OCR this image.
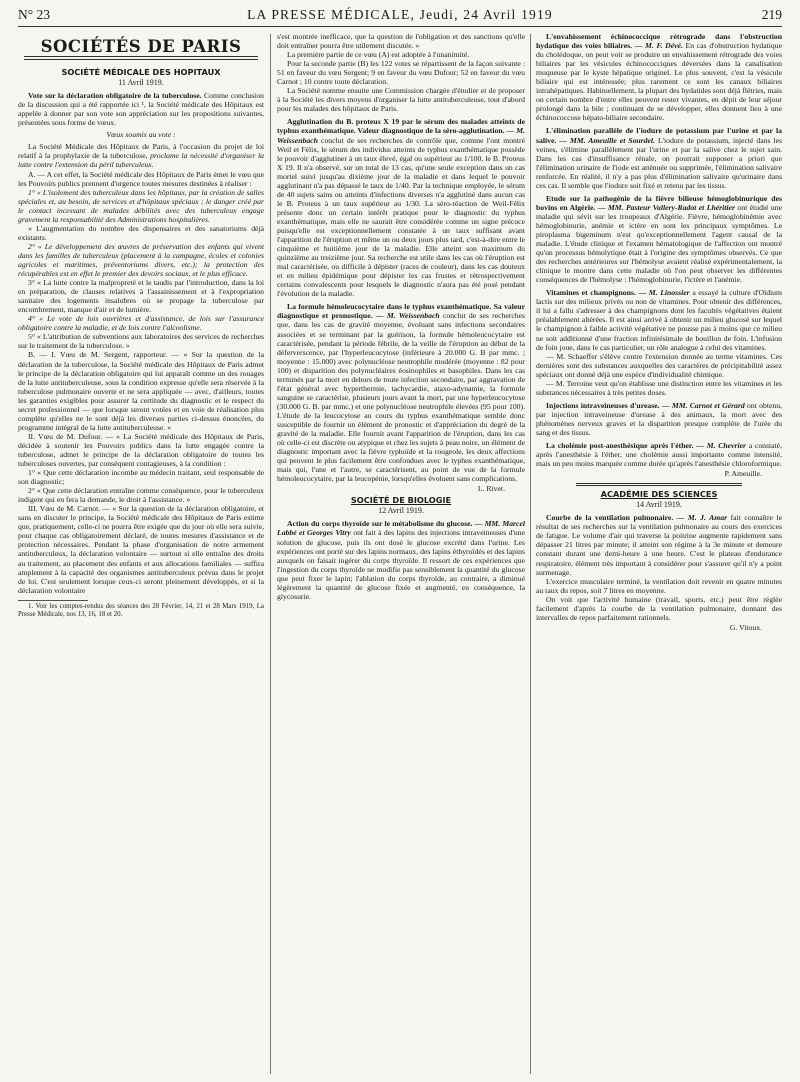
N° 23	LA PRESSE MÉDICALE, Jeudi, 24 Avril 1919	219
SOCIÉTÉS DE PARIS
SOCIÉTÉ MÉDICALE DES HOPITAUX
11 Avril 1919.

Vote sur la déclaration obligatoire de la tuberculose. Comme conclusion de la discussion qui a été rapportée ici ¹, la Société médicale des Hôpitaux est appelée à donner par son vote son appréciation sur les propositions suivantes, présentées sous forme de vœux.

Vœux soumis au vote :

La Société Médicale des Hôpitaux de Paris, à l'occasion du projet de loi relatif à la prophylaxie de la tuberculose, proclame la nécessité d'organiser la lutte contre l'extension du péril tuberculeux.

A. — A cet effet, la Société médicale des Hôpitaux de Paris émet le vœu que les Pouvoirs publics prennent d'urgence toutes mesures destinées à réaliser :

1° « L'isolement des tuberculeux dans les hôpitaux, par la création de salles spéciales et, au besoin, de services et d'hôpitaux spéciaux ; le danger créé par le contact incessant de malades débilités avec des tuberculeux engage gravement la responsabilité des Administrations hospitalières.

« L'augmentation du nombre des dispensaires et des sanatoriums déjà existants.

2° « Le développement des œuvres de préservation des enfants qui vivent dans les familles de tuberculeux (placement à la campagne, écoles et colonies agricoles et maritimes, préventoriums divers, etc.); la protection des récupérables est en effet le premier des devoirs sociaux, et le plus efficace.

3° « La lutte contre la malpropreté et le taudis par l'introduction, dans la loi en préparation, de clauses relatives à l'assainissement et à l'expropriation sanitaire des logements insalubres où se propage la tuberculose par encombrement, manque d'air et de lumière.

4° « Le vote de lois ouvrières et d'assistance, de lois sur l'assurance obligatoire contre la maladie, et de lois contre l'alcoolisme.

5° « L'attribution de subventions aux laboratoires des services de recherches sur le traitement de la tuberculose. »

B. — I. Vœu de M. Sergent, rapporteur. — « Sur la question de la déclaration de la tuberculose, la Société médicale des Hôpitaux de Paris admet le principe de la déclaration obligatoire qui lui apparaît comme un des rouages de la lutte antituberculeuse, sous la condition expresse qu'elle sera réservée à la tuberculose pulmonaire ouverte et ne sera appliquée — avec, d'ailleurs, toutes les garanties exigibles pour assurer la certitude du diagnostic et le respect du secret professionnel — que lorsque seront votées et en voie de réalisation plus complète qu'elles ne le sont déjà les diverses parties ci-dessus énoncées, du programme intégral de la lutte antituberculeuse. »

II. Vœu de M. Dufour. — « La Société médicale des Hôpitaux de Paris, décidée à soutenir les Pouvoirs publics dans la lutte engagée contre la tuberculose, admet le principe de la déclaration obligatoire de toutes les tuberculoses ouvertes, par conséquent contagieuses, à la condition :

1° « Que cette déclaration incombe au médecin traitant, seul responsable de son diagnostic;

2° « Que cette déclaration entraîne comme conséquence, pour le tuberculeux indigent qui en fera la demande, le droit à l'assistance. »

III. Vœu de M. Carnot. — « Sur la question de la déclaration obligatoire, et sans en discuter le principe, la Société médicale des Hôpitaux de Paris estime que, pratiquement, celle-ci ne pourra être exigée que du jour où elle sera suivie, pour chaque cas obligatoirement déclaré, de toutes mesures d'assistance et de protection nécessaires. Pendant la phase d'organisation de notre armement antituberculeux, la déclaration volontaire — surtout si elle entraîne des droits au traitement, au placement des enfants et aux allocations familiales — suffira amplement à la capacité des organismes antituberculeux prévus dans le projet de loi. C'est seulement lorsque ceux-ci seront pleinement développés, et si la déclaration volontaire

1. Voir les comptes-rendus des séances des 28 Février, 14, 21 et 28 Mars 1919, La Presse Médicale, nos 13, 16, 18 et 20.

s'est montrée inefficace, que la question de l'obligation et des sanctions qu'elle doit entraîner pourra être utilement discutée. »

La première partie de ce vœu (A) est adoptée à l'unanimité.

Pour la seconde partie (B) les 122 votes se répartissent de la façon suivante : 51 en faveur du vœu Sergent; 9 en faveur du vœu Dufour; 52 en faveur du vœu Carnot ; 10 contre toute déclaration.

La Société nomme ensuite une Commission chargée d'étudier et de proposer à la Société les divers moyens d'organiser la lutte antituberculeuse, tout d'abord pour les malades des hôpitaux de Paris.

Agglutination du B. proteus X 19 par le sérum des malades atteints de typhus exanthématique. Valeur diagnostique de la séro-agglutination. — M. Weissenbach conclut de ses recherches de contrôle que, comme l'ont montré Weil et Félix, le sérum des individus atteints de typhus exanthématique possède le pouvoir d'agglutiner à un taux élevé, égal ou supérieur au 1/100, le B. Proteus X 19. Il n'a observé, sur un total de 13 cas, qu'une seule exception dans un cas mortel suivi jusqu'au dixième jour de la maladie et dans lequel le pouvoir agglutinant n'a pas dépassé le taux de 1/40. Par la technique employée, le sérum de 40 sujets sains ou atteints d'infections diverses n'a agglutiné dans aucun cas le B. Proteus à un taux supérieur au 1/30. La séro-réaction de Weil-Félix présente donc un certain intérêt pratique pour le diagnostic du typhus exanthématique, mais elle ne saurait être considérée comme un signe précoce puisqu'elle est exceptionnellement constatée à un taux suffisant avant l'apparition de l'éruption et même un ou deux jours plus tard, c'est-à-dire entre le cinquième et huitième jour de la maladie. Elle atteint son maximum du quinzième au treizième jour. Sa recherche est utile dans les cas où l'éruption est mal caractérisée, ou difficile à dépister (races de couleur), dans les cas douteux et en milieu épidémique pour dépister les cas frustes et rétrospectivement certains convalescents pour lesquels le diagnostic n'aura pas été posé pendant l'évolution de la maladie.

La formule hémoleucocytaire dans le typhus exanthématique. Sa valeur diagnostique et pronostique. — M. Weissenbach conclut de ses recherches que, dans les cas de gravité moyenne, évoluant sans infections secondaires associées et se terminant par la guérison, la formule hémoleucocytaire est caractérisée, pendant la période fébrile, de la veille de l'éruption au début de la déferverscence, par l'hyperleucocytose (inférieure à 20.000 G. B par mmc. ; moyenne : 15.000) avec polynucléose neutrophile modérée (moyenne : 82 pour 100) et disparition des polynucléaires éosinophiles et basophiles. Dans les cas terminés par la mort en dehors de toute infection secondaire, par aggravation de l'état général avec hyperthermie, tachycardie, ataxo-adynamie, la formule sanguine se caractérise, plusieurs jours avant la mort, par une hyperleucocytose (30.000 G. B. par mmc.) et une polynucléose neutrophile élevées (95 pour 100). L'étude de la leucocytose au cours du typhus exanthématique semble donc susceptible de fournir un élément de pronostic et d'appréciation du degré de la gravité de la maladie. Elle fournit avant l'apparition de l'éruption, dans les cas où celle-ci est discrète ou atypique et chez les sujets à peau noire, un élément de diagnostic important avec la fièvre typhoïde et la rougeole, les deux affections qui peuvent le plus facilement être confondues avec le typhus exanthématique, mais qui, l'une et l'autre, se caractérisent, au point de vue de la formule hémoleucocytaire, par la leucopénie, lorsqu'elles évoluent sans complications.

L. Rivet.
SOCIÉTÉ DE BIOLOGIE
12 Avril 1919.

Action du corps thyroïde sur le métabolisme du glucose. — MM. Marcel Labbé et Georges Vitry ont fait à des lapins des injections intraveineuses d'une solution de glucose, puis ils ont dosé le glucose excrété dans l'urine. Les expériences ont porté sur des lapins normaux, des lapins éthyroïdés et des lapins auxquels on faisait ingérer du corps thyroïde. Il ressort de ces expériences que l'ingestion du corps thyroïde ne modifie pas sensiblement la quantité du glucose que peut fixer le lapin; l'ablation du corps thyroïde, au contraire, a diminué légèrement la quantité de glucose fixée et augmenté, en conséquence, la glycosurie.

L'envahissement échinococcique rétrograde dans l'obstruction hydatique des voies biliaires. — M. F. Dévé. En cas d'obstruction hydatique du cholédoque, on peut voir se produire un envahissement rétrograde des voies biliaires par les vésicules échinococciques déversées dans la canalisation muqueuse par le kyste hépatique originel. Le plus souvent, c'est la vésicule biliaire qui est intéressée; plus rarement ce sont les canaux biliaires intrahépatiques. Habituellement, la plupart des hydatides sont déjà flétries, mais on certain nombre d'entre elles peuvent rester vivantes, en dépit de leur séjour prolongé dans la bile ; continuant de se développer, elles donnent lieu à une échinococcose hépato-biliaire secondaire.

L'élimination parallèle de l'iodure de potassium par l'urine et par la salive. — MM. Ameuille et Sourdel. L'iodure de potassium, injecté dans les veines, s'élimine parallèlement par l'urine et par la salive chez le sujet sain. Dans les cas d'insuffisance rénale, on pourrait supposer a priori que l'élimination urinaire de l'iode est atténuée ou supprimée, l'élimination salivaire renforcée. En réalité, il n'y a pas plus d'élimination salivaire qu'urinaire dans ces cas. Il semble que l'iodure soit fixé et retenu par les tissus.

Etude sur la pathogénie de la fièvre bilieuse hémoglobinurique des bovins en Algérie. — MM. Pasteur Vallery-Radot et Lhéritier ont étudié une maladie qui sévit sur les troupeaux d'Algérie. Fièvre, hémoglobinémie avec hémoglobinurie, anémie et ictère en sont les principaux symptômes. Le piroplasma bigeminum n'est qu'exceptionnellement l'agent causal de la maladie. L'étude clinique et l'examen hématologique de l'affection ont montré qu'un processus hémolytique était à l'origine des symptômes observés. Ce que des recherches antérieures sur l'hémolyse avaient réalisé expérimentalement, la clinique le montre dans cette maladie où l'on peut observer les différentes conséquences de l'hémolyse : l'hémoglobinurie, l'ictère et l'anémie.

Vitamines et champignons. — M. Linossier a essayé la culture d'Oïdium lactis sur des milieux privés ou non de vitamines. Pour obtenir des différences, il lui a fallu s'adresser à des champignons dont les facultés végétatives étaient préalablement altérées. Il est ainsi arrivé à obtenir un milieu glucosé sur lequel le champignon à faible activité végétative ne pousse pas à moins que ce milieu ne soit additionné d'une fraction infinitésimale de bouillon de foin. L'infusion de foin joue, dans le cas particulier, un rôle analogue à celui des vitamines.

— M. Schaeffer s'élève contre l'extension donnée au terme vitamines. Ces dernières sont des substances auxquelles des caractères de précipitabilité assez spéciaux ont donné déjà une espèce d'individualité chimique.

— M. Terroine veut qu'on établisse une distinction entre les vitamines et les substances nécessaires à très petites doses.

Injections intraveineuses d'urease. — MM. Carnot et Gérard ont obtenu, par injection intraveineuse d'urease à des animaux, la mort avec des phénomènes nerveux graves et la disparition presque complète de l'urée du sang et des tissus.

La cholémie post-anesthésique après l'éther. — M. Chevrier a constaté, après l'anesthésie à l'éther, une cholémie aussi importante comme intensité, mais un peu moins marquée comme durée qu'après l'anesthésie chloroformique.

P. Ameuille.
ACADÉMIE DES SCIENCES
14 Avril 1919.

Courbe de la ventilation pulmonaire. — M. J. Amar fait connaître le résultat de ses recherches sur la ventilation pulmonaire au cours des exercices de fatigue. Le volume d'air qui traverse la poitrine augmente rapidement sans dépasser 21 litres par minute; il atteint son régime à la 3e minute et demeure constant durant une demi-heure à une heure. C'est le plateau d'endurance respiratoire, élément très important à considérer pour s'assurer qu'il n'y a point surmenage.

L'exercice musculaire terminé, la ventilation doit revenir en quatre minutes au taux du repos, soit 7 litres en moyenne.

On voit que l'activité humaine (travail, sports, etc.) peut être réglée facilement d'après la courbe de la ventilation pulmonaire, donnant des intervalles de repos parfaitement rationnels.

G. Vitoux.
